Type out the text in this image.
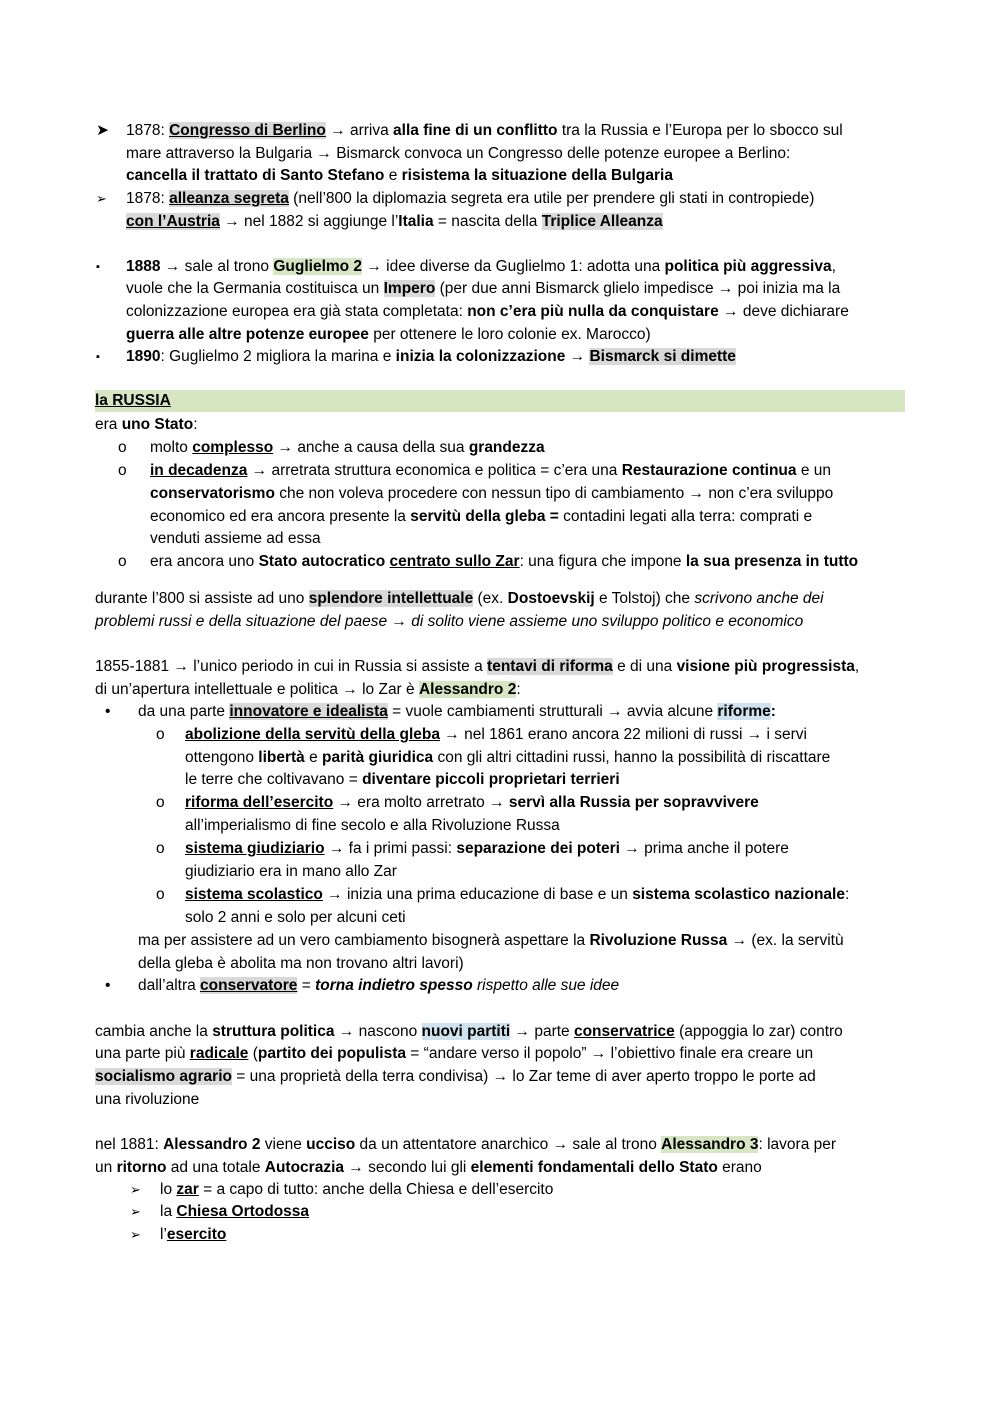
➤ 1878: Congresso di Berlino → arriva alla fine di un conflitto tra la Russia e l’Europa per lo sbocco sul
mare attraverso la Bulgaria → Bismarck convoca un Congresso delle potenze europee a Berlino:
cancella il trattato di Santo Stefano e risistema la situazione della Bulgaria
➢ 1878: alleanza segreta (nell’800 la diplomazia segreta era utile per prendere gli stati in contropiede)
con l’Austria → nel 1882 si aggiunge l’Italia = nascita della Triplice Alleanza
▪ 1888 → sale al trono Guglielmo 2 → idee diverse da Guglielmo 1: adotta una politica più aggressiva,
vuole che la Germania costituisca un Impero (per due anni Bismarck glielo impedisce → poi inizia ma la
colonizzazione europea era già stata completata: non c’era più nulla da conquistare → deve dichiarare
guerra alle altre potenze europee per ottenere le loro colonie ex. Marocco)
▪ 1890: Guglielmo 2 migliora la marina e inizia la colonizzazione → Bismarck si dimette
la RUSSIA
era uno Stato:
o molto complesso → anche a causa della sua grandezza
o in decadenza → arretrata struttura economica e politica = c’era una Restaurazione continua e un
conservatorismo che non voleva procedere con nessun tipo di cambiamento → non c’era sviluppo
economico ed era ancora presente la servitù della gleba = contadini legati alla terra: comprati e
venduti assieme ad essa
o era ancora uno Stato autocratico centrato sullo Zar: una figura che impone la sua presenza in tutto
durante l’800 si assiste ad uno splendore intellettuale (ex. Dostoevskij e Tolstoj) che scrivono anche dei
problemi russi e della situazione del paese → di solito viene assieme uno sviluppo politico e economico
1855-1881 → l’unico periodo in cui in Russia si assiste a tentavi di riforma e di una visione più progressista,
di un’apertura intellettuale e politica → lo Zar è Alessandro 2:
• da una parte innovatore e idealista = vuole cambiamenti strutturali → avvia alcune riforme:
o abolizione della servitù della gleba → nel 1861 erano ancora 22 milioni di russi → i servi
ottengono libertà e parità giuridica con gli altri cittadini russi, hanno la possibilità di riscattare
le terre che coltivavano = diventare piccoli proprietari terrieri
o riforma dell’esercito → era molto arretrato → servì alla Russia per sopravvivere
all’imperialismo di fine secolo e alla Rivoluzione Russa
o sistema giudiziario → fa i primi passi: separazione dei poteri → prima anche il potere
giudiziario era in mano allo Zar
o sistema scolastico → inizia una prima educazione di base e un sistema scolastico nazionale:
solo 2 anni e solo per alcuni ceti
ma per assistere ad un vero cambiamento bisognerà aspettare la Rivoluzione Russa → (ex. la servitù
della gleba è abolita ma non trovano altri lavori)
• dall’altra conservatore = torna indietro spesso rispetto alle sue idee
cambia anche la struttura politica → nascono nuovi partiti → parte conservatrice (appoggia lo zar) contro
una parte più radicale (partito dei populista = “andare verso il popolo” → l’obiettivo finale era creare un
socialismo agrario = una proprietà della terra condivisa) → lo Zar teme di aver aperto troppo le porte ad
una rivoluzione
nel 1881: Alessandro 2 viene ucciso da un attentatore anarchico → sale al trono Alessandro 3: lavora per
un ritorno ad una totale Autocrazia → secondo lui gli elementi fondamentali dello Stato erano
➢ lo zar = a capo di tutto: anche della Chiesa e dell’esercito
➢ la Chiesa Ortodossa
➢ l’esercito
